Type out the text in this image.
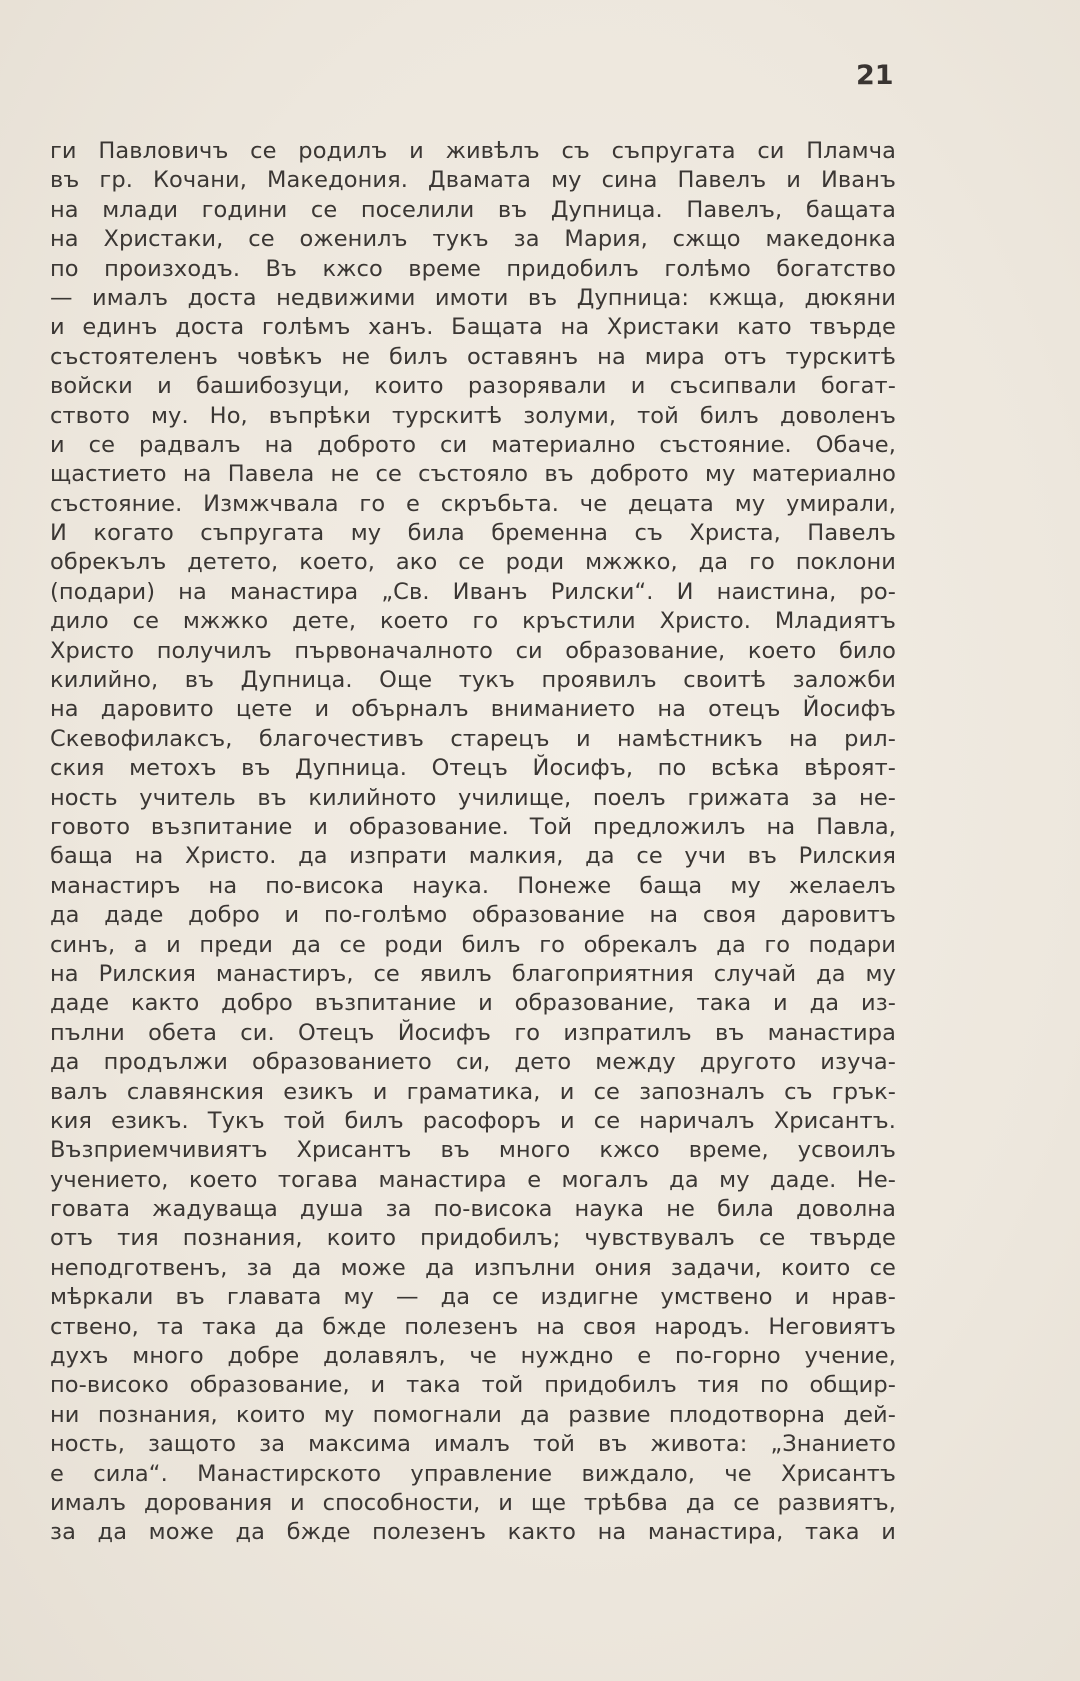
21
ги Павловичъ се родилъ и живѣлъ съ съпругата си Пламча
въ гр. Кочани, Македония. Двамата му сина Павелъ и Иванъ
на млади години се поселили въ Дупница. Павелъ, бащата
на Христаки, се оженилъ тукъ за Мария, сжщо македонка
по произходъ. Въ кжсо време придобилъ голѣмо богатство
— ималъ доста недвижими имоти въ Дупница: кжща, дюкяни
и единъ доста голѣмъ ханъ. Бащата на Христаки като твърде
състоятеленъ човѣкъ не билъ оставянъ на мира отъ турскитѣ
войски и башибозуци, които разорявали и съсипвали богат-
ството му. Но, въпрѣки турскитѣ золуми, той билъ доволенъ
и се радвалъ на доброто си материално състояние. Обаче,
щастието на Павела не се състояло въ доброто му материално
състояние. Измжчвала го е скръбьта. че децата му умирали,
И когато съпругата му била бременна съ Христа, Павелъ
обрекълъ детето, което, ако се роди мжжко, да го поклони
(подари) на манастира „Св. Иванъ Рилски“. И наистина, ро-
дило се мжжко дете, което го кръстили Христо. Младиятъ
Христо получилъ първоначалното си образование, което било
килийно, въ Дупница. Още тукъ проявилъ своитѣ заложби
на даровито цете и обърналъ вниманието на отецъ Йосифъ
Скевофилаксъ, благочестивъ старецъ и намѣстникъ на рил-
ския метохъ въ Дупница. Отецъ Йосифъ, по всѣка вѣроят-
ность учитель въ килийното училище, поелъ грижата за не-
говото възпитание и образование. Той предложилъ на Павла,
баща на Христо. да изпрати малкия, да се учи въ Рилския
манастиръ на по-висока наука. Понеже баща му желаелъ
да даде добро и по-голѣмо образование на своя даровитъ
синъ, а и преди да се роди билъ го обрекалъ да го подари
на Рилския манастиръ, се явилъ благоприятния случай да му
даде както добро възпитание и образование, така и да из-
пълни обета си. Отецъ Йосифъ го изпратилъ въ манастира
да продължи образованието си, дето между другото изуча-
валъ славянския езикъ и граматика, и се запозналъ съ грък-
кия езикъ. Тукъ той билъ расофоръ и се наричалъ Хрисантъ.
Възприемчивиятъ Хрисантъ въ много кжсо време, усвоилъ
учението, което тогава манастира е могалъ да му даде. Не-
говата жадуваща душа за по-висока наука не била доволна
отъ тия познания, които придобилъ; чувствувалъ се твърде
неподготвенъ, за да може да изпълни ония задачи, които се
мѣркали въ главата му — да се издигне умствено и нрав-
ствено, та така да бжде полезенъ на своя народъ. Неговиятъ
духъ много добре долавялъ, че нуждно е по-горно учение,
по-високо образование, и така той придобилъ тия по общир-
ни познания, които му помогнали да развие плодотворна дей-
ность, защото за максима ималъ той въ живота: „Знанието
е сила“. Манастирското управление виждало, че Хрисантъ
ималъ дорования и способности, и ще трѣбва да се развиятъ,
за да може да бжде полезенъ както на манастира, така и
